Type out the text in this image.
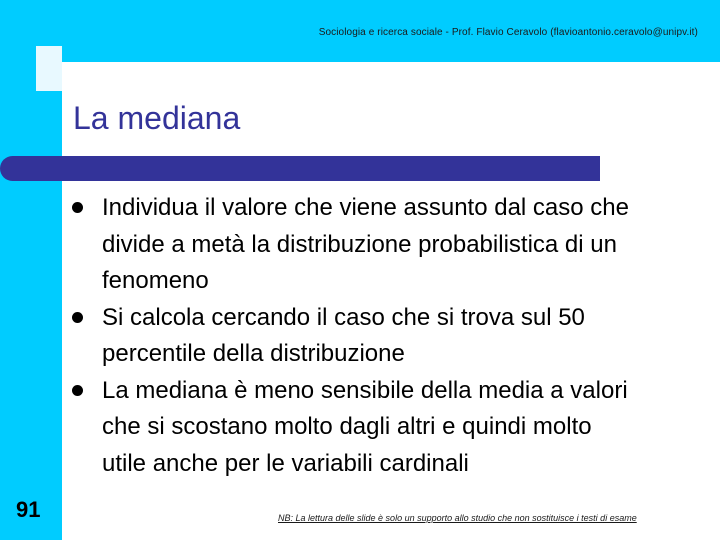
Sociologia e ricerca sociale - Prof. Flavio Ceravolo (flavioantonio.ceravolo@unipv.it)
La mediana
Individua il valore che viene assunto dal caso che divide a metà la distribuzione probabilistica di un fenomeno
Si calcola cercando il caso che si trova sul 50 percentile della distribuzione
La mediana è meno sensibile della media a valori che si scostano molto dagli altri e quindi molto utile anche per le variabili cardinali
91	NB: La lettura delle slide è solo un supporto allo studio che non sostituisce i testi di esame
